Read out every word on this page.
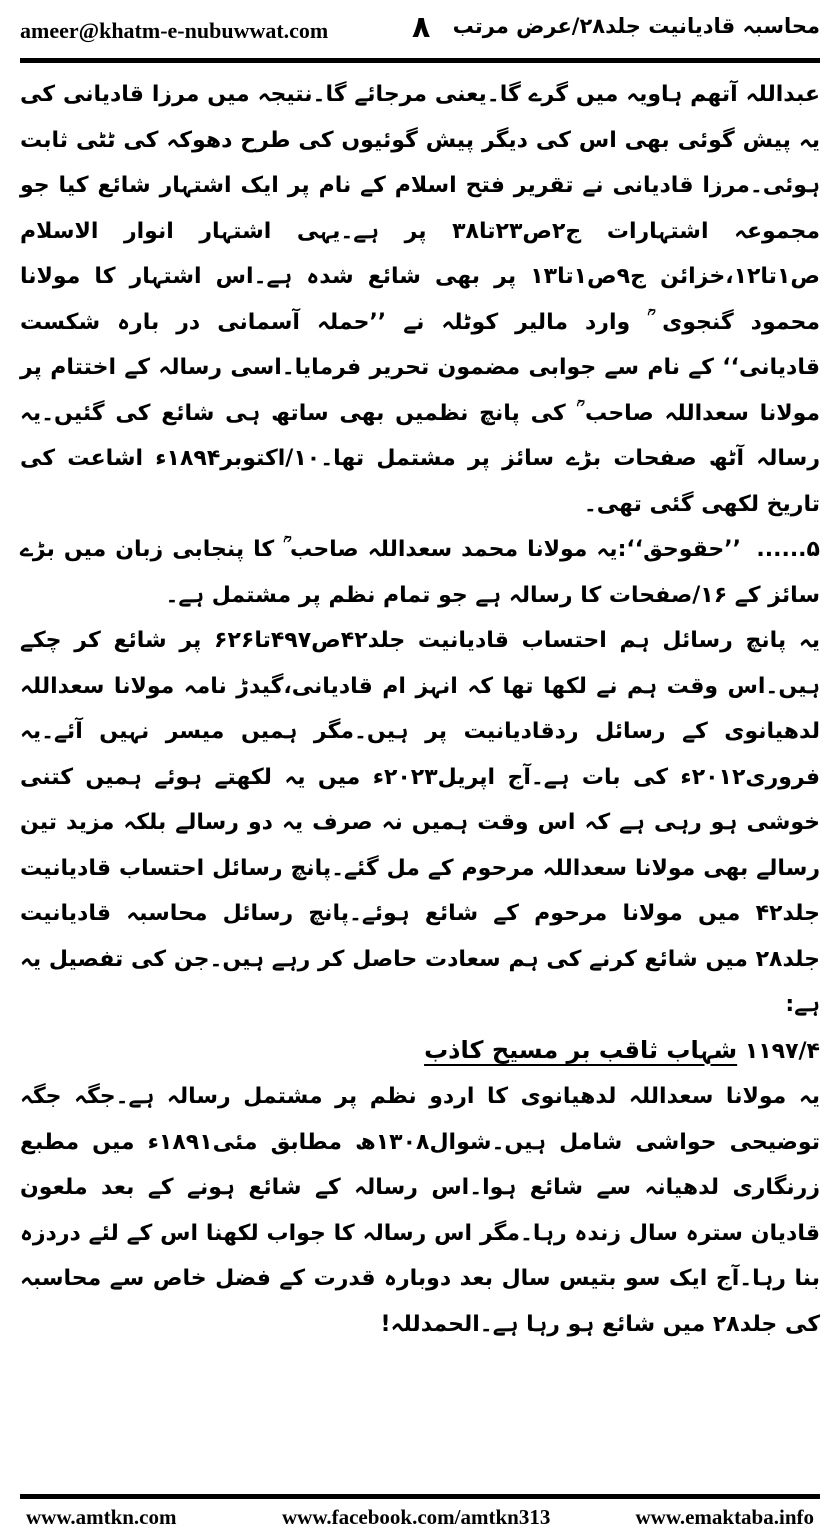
ameer@khatm-e-nubuwwat.com	۸ محاسبہ قادیانیت جلد۲۸/عرض مرتب

عبداللہ آتھم ہاویہ میں گرے گا۔یعنی مرجائے گا۔نتیجہ میں مرزا قادیانی کی یہ پیش گوئی بھی اس کی دیگر پیش گوئیوں کی طرح دھوکہ کی ٹٹی ثابت ہوئی۔مرزا قادیانی نے تقریر فتح اسلام کے نام پر ایک اشتہار شائع کیا جو مجموعہ اشتہارات ج۲ص۲۳تا۳۸ پر ہے۔یہی اشتہار انوار الاسلام ص۱تا۱۲،خزائن ج۹ص۱تا۱۳ پر بھی شائع شدہ ہے۔اس اشتہار کا مولانا محمود گنجوی ؒ وارد مالیر کوٹلہ نے ’’حملہ آسمانی در بارہ شکست قادیانی‘‘ کے نام سے جوابی مضمون تحریر فرمایا۔اسی رسالہ کے اختتام پر مولانا سعداللہ صاحب ؒ کی پانچ نظمیں بھی ساتھ ہی شائع کی گئیں۔یہ رسالہ آٹھ صفحات بڑے سائز پر مشتمل تھا۔۱۰/اکتوبر۱۸۹۴ء اشاعت کی تاریخ لکھی گئی تھی۔

۵...... ’’حقوحق‘‘:یہ مولانا محمد سعداللہ صاحب ؒ کا پنجابی زبان میں بڑے سائز کے ۱۶/صفحات کا رسالہ ہے جو تمام نظم پر مشتمل ہے۔

یہ پانچ رسائل ہم احتساب قادیانیت جلد۴۲ص۴۹۷تا۶۲۶ پر شائع کر چکے ہیں۔اس وقت ہم نے لکھا تھا کہ انہز ام قادیانی،گیدڑ نامہ مولانا سعداللہ لدھیانوی کے رسائل ردقادیانیت پر ہیں۔مگر ہمیں میسر نہیں آئے۔یہ فروری۲۰۱۲ء کی بات ہے۔آج اپریل۲۰۲۳ء میں یہ لکھتے ہوئے ہمیں کتنی خوشی ہو رہی ہے کہ اس وقت ہمیں نہ صرف یہ دو رسالے بلکہ مزید تین رسالے بھی مولانا سعداللہ مرحوم کے مل گئے۔پانچ رسائل احتساب قادیانیت جلد۴۲ میں مولانا مرحوم کے شائع ہوئے۔پانچ رسائل محاسبہ قادیانیت جلد۲۸ میں شائع کرنے کی ہم سعادت حاصل کر رہے ہیں۔جن کی تفصیل یہ ہے:

۱۱۹۷/۴ شہاب ثاقب بر مسیح کاذب

یہ مولانا سعداللہ لدھیانوی کا اردو نظم پر مشتمل رسالہ ہے۔جگہ جگہ توضیحی حواشی شامل ہیں۔شوال۱۳۰۸ھ مطابق مئی۱۸۹۱ء میں مطبع زرنگاری لدھیانہ سے شائع ہوا۔اس رسالہ کے شائع ہونے کے بعد ملعون قادیان سترہ سال زندہ رہا۔مگر اس رسالہ کا جواب لکھنا اس کے لئے دردزہ بنا رہا۔آج ایک سو بتیس سال بعد دوبارہ قدرت کے فضل خاص سے محاسبہ کی جلد۲۸ میں شائع ہو رہا ہے۔الحمدللہ!

www.amtkn.com	www.facebook.com/amtkn313	www.emaktaba.info
